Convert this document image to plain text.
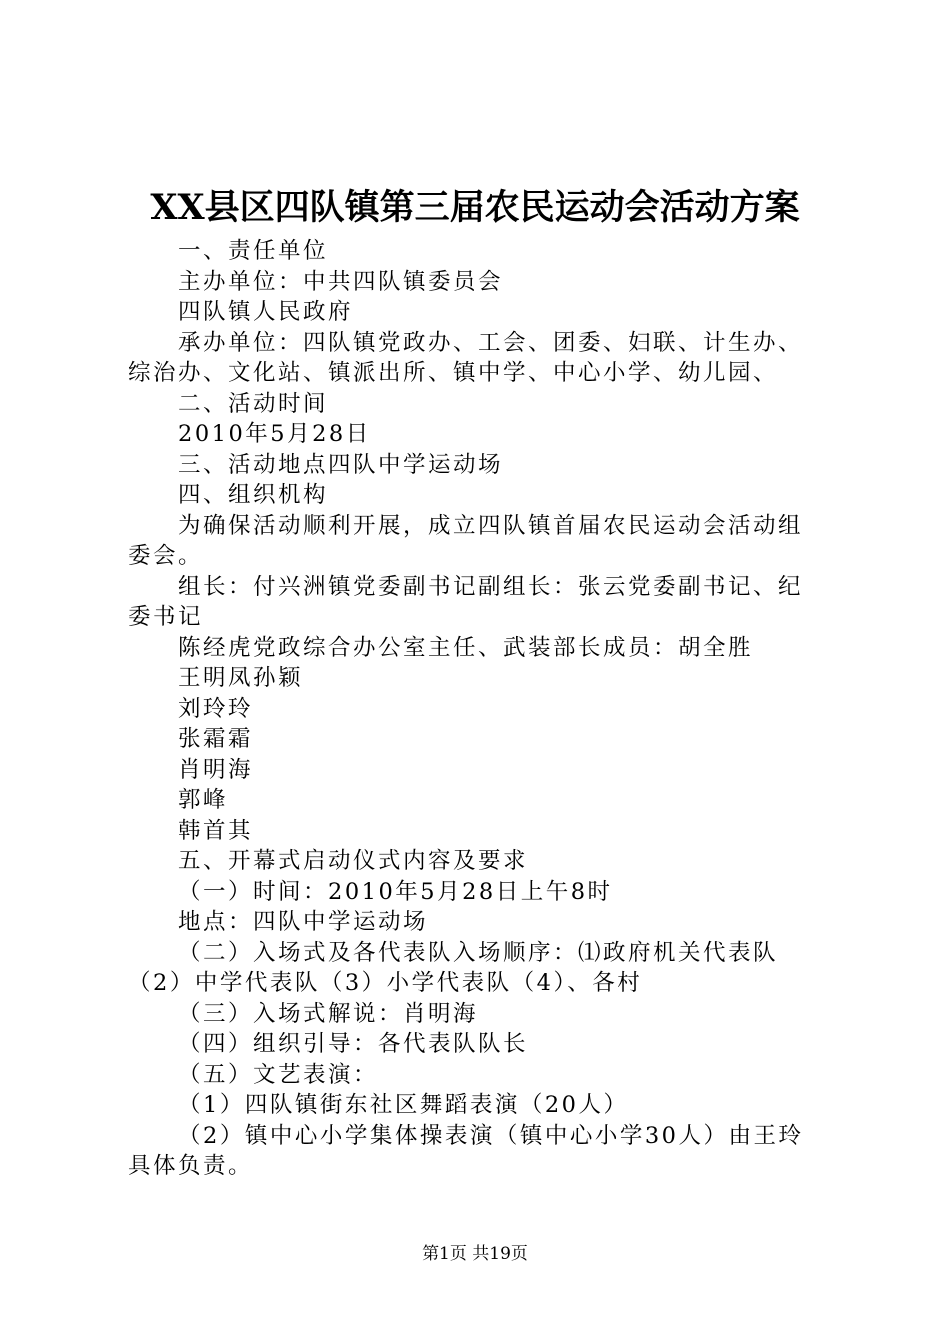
XX县区四队镇第三届农民运动会活动方案
一、责任单位
主办单位：中共四队镇委员会
四队镇人民政府
承办单位：四队镇党政办、工会、团委、妇联、计生办、
综治办、文化站、镇派出所、镇中学、中心小学、幼儿园、
二、活动时间
2010年5月28日
三、活动地点四队中学运动场
四、组织机构
为确保活动顺利开展，成立四队镇首届农民运动会活动组
委会。
组长：付兴洲镇党委副书记副组长：张云党委副书记、纪
委书记
陈经虎党政综合办公室主任、武装部长成员：胡全胜
王明凤孙颖
刘玲玲
张霜霜
肖明海
郭峰
韩首其
五、开幕式启动仪式内容及要求
（一）时间：2010年5月28日上午8时
地点：四队中学运动场
（二）入场式及各代表队入场顺序：⑴政府机关代表队
（2）中学代表队（3）小学代表队（4）、各村
（三）入场式解说：肖明海
（四）组织引导：各代表队队长
（五）文艺表演：
（1）四队镇街东社区舞蹈表演（20人）
（2）镇中心小学集体操表演（镇中心小学30人）由王玲
具体负责。
第1页 共19页
